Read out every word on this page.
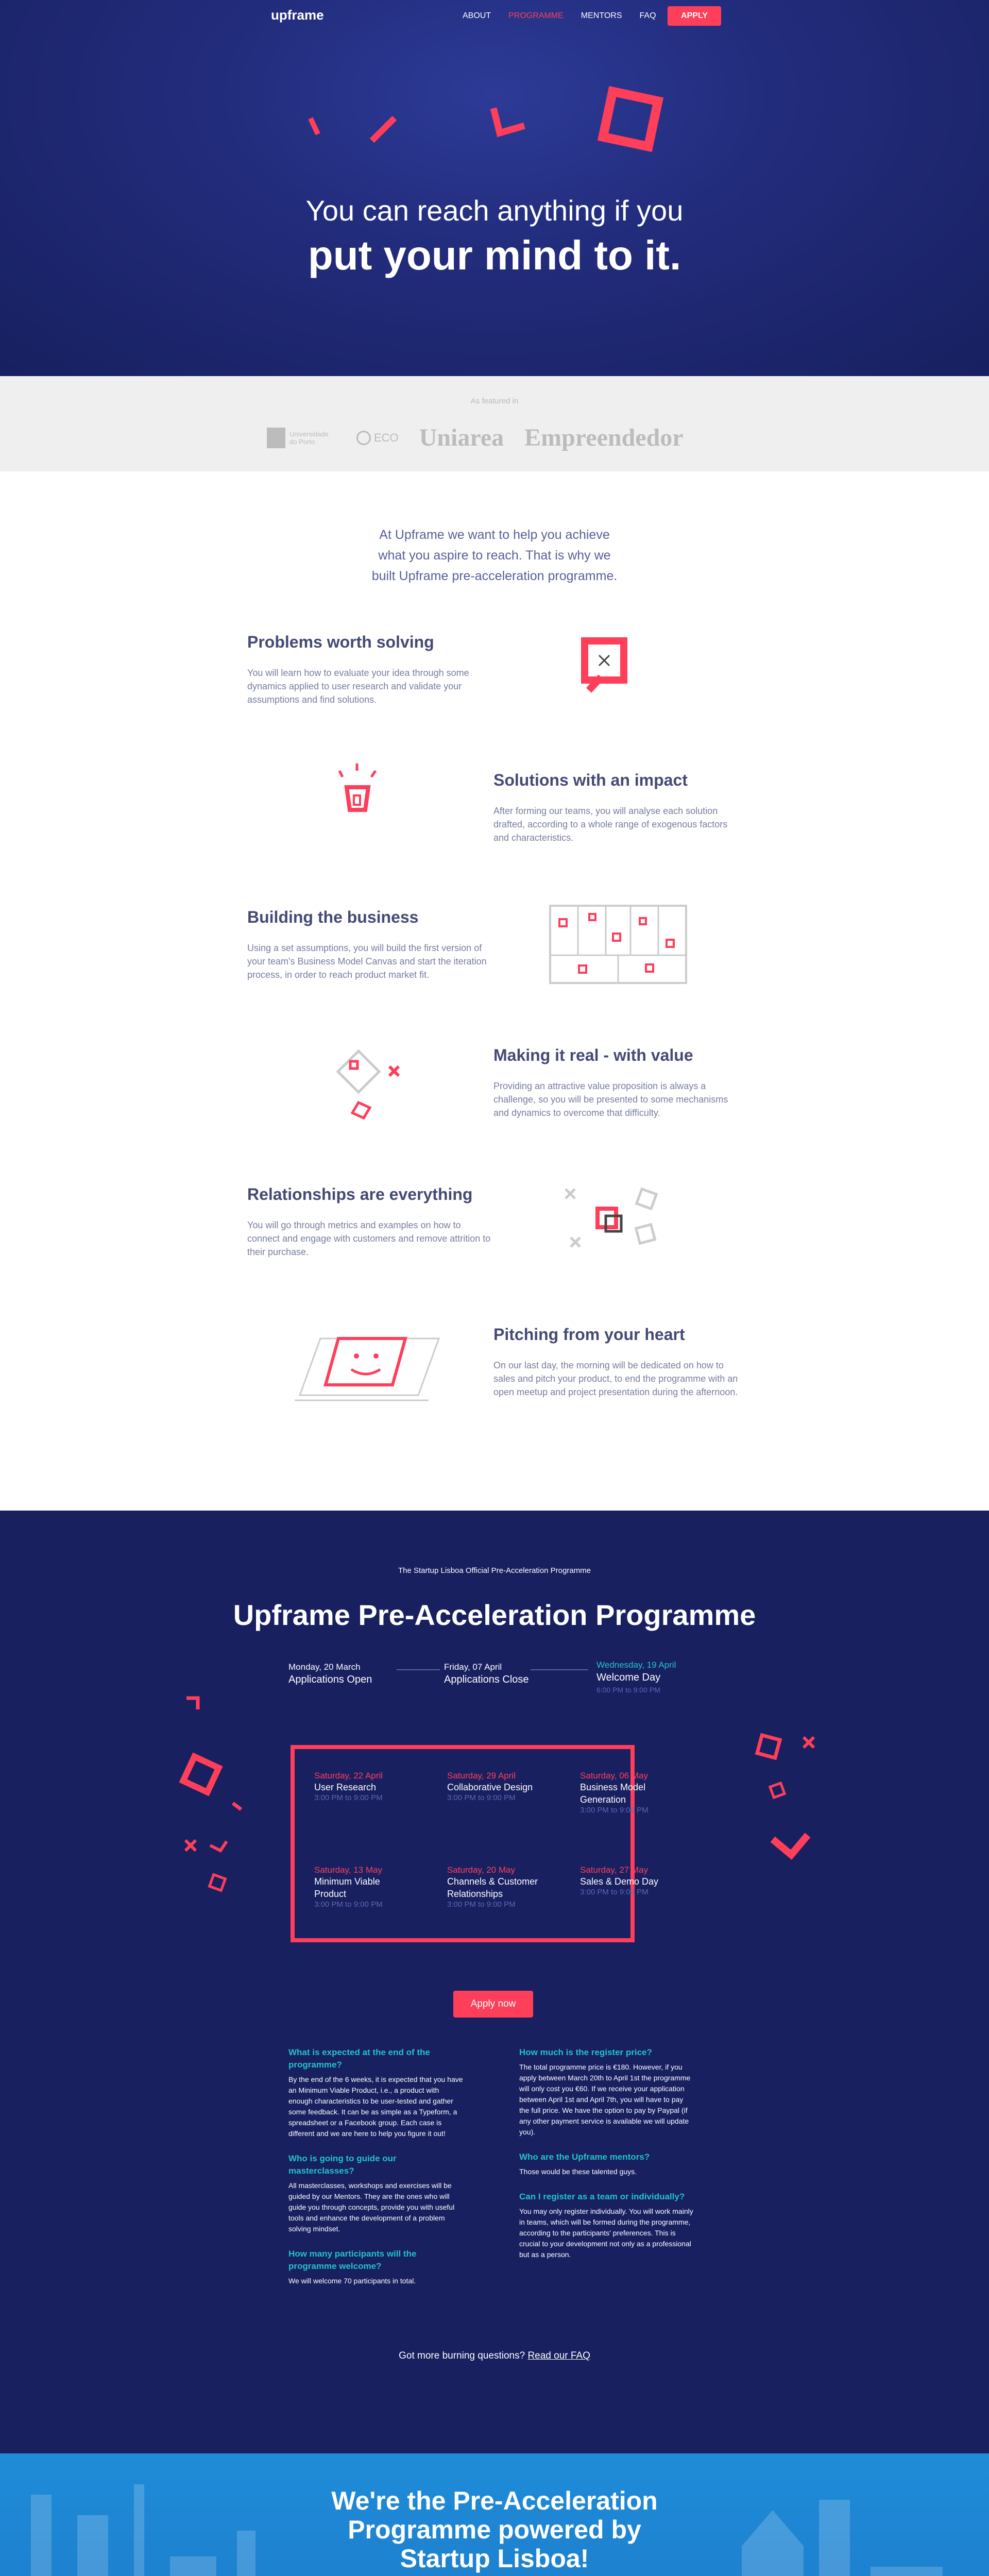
upframe	ABOUT PROGRAMME MENTORS FAQ	APPLY
You can reach anything if you
put your mind to it.
As featured in
Universidade do Porto	ECO Uniarea Empreendedor
At Upframe we want to help you achieve
what you aspire to reach. That is why we
built Upframe pre-acceleration programme.
Problems worth solving

You will learn how to evaluate your idea through some dynamics applied to user research and validate your assumptions and find solutions.

Solutions with an impact

After forming our teams, you will analyse each solution drafted, according to a whole range of exogenous factors and characteristics.

Building the business

Using a set assumptions, you will build the first version of your team's Business Model Canvas and start the iteration process, in order to reach product market fit.

Making it real - with value

Providing an attractive value proposition is always a challenge, so you will be presented to some mechanisms and dynamics to overcome that difficulty.

Relationships are everything

You will go through metrics and examples on how to connect and engage with customers and remove attrition to their purchase.

Pitching from your heart

On our last day, the morning will be dedicated on how to sales and pitch your product, to end the programme with an open meetup and project presentation during the afternoon.

The Startup Lisboa Official Pre-Acceleration Programme
Upframe Pre-Acceleration Programme
Monday, 20 March
Applications Open
Friday, 07 April
Applications Close
Wednesday, 19 April
Welcome Day
6:00 PM to 9:00 PM
Saturday, 22 April
User Research
3:00 PM to 9:00 PM
Saturday, 29 April
Collaborative Design
3:00 PM to 9:00 PM
Saturday, 06 May
Business Model Generation
3:00 PM to 9:00 PM
Saturday, 13 May
Minimum Viable Product
3:00 PM to 9:00 PM
Saturday, 20 May
Channels & Customer Relationships
3:00 PM to 9:00 PM
Saturday, 27 May
Sales & Demo Day
3:00 PM to 9:00 PM
Apply now
What is expected at the end of the programme?

By the end of the 6 weeks, it is expected that you have an Minimum Viable Product, i.e., a product with enough characteristics to be user-tested and gather some feedback. It can be as simple as a Typeform, a spreadsheet or a Facebook group. Each case is different and we are here to help you figure it out!

Who is going to guide our masterclasses?

All masterclasses, workshops and exercises will be guided by our Mentors. They are the ones who will guide you through concepts, provide you with useful tools and enhance the development of a problem solving mindset.

How many participants will the programme welcome?

We will welcome 70 participants in total.

How much is the register price?

The total programme price is €180. However, if you apply between March 20th to April 1st the programme will only cost you €60. If we receive your application between April 1st and April 7th, you will have to pay the full price. We have the option to pay by Paypal (if any other payment service is available we will update you).

Who are the Upframe mentors?

Those would be these talented guys.

Can I register as a team or individually?

You may only register individually. You will work mainly in teams, which will be formed during the programme, according to the participants' preferences. This is crucial to your development not only as a professional but as a person.

Got more burning questions? Read our FAQ
We're the Pre-Acceleration Programme powered by Startup Lisboa!
